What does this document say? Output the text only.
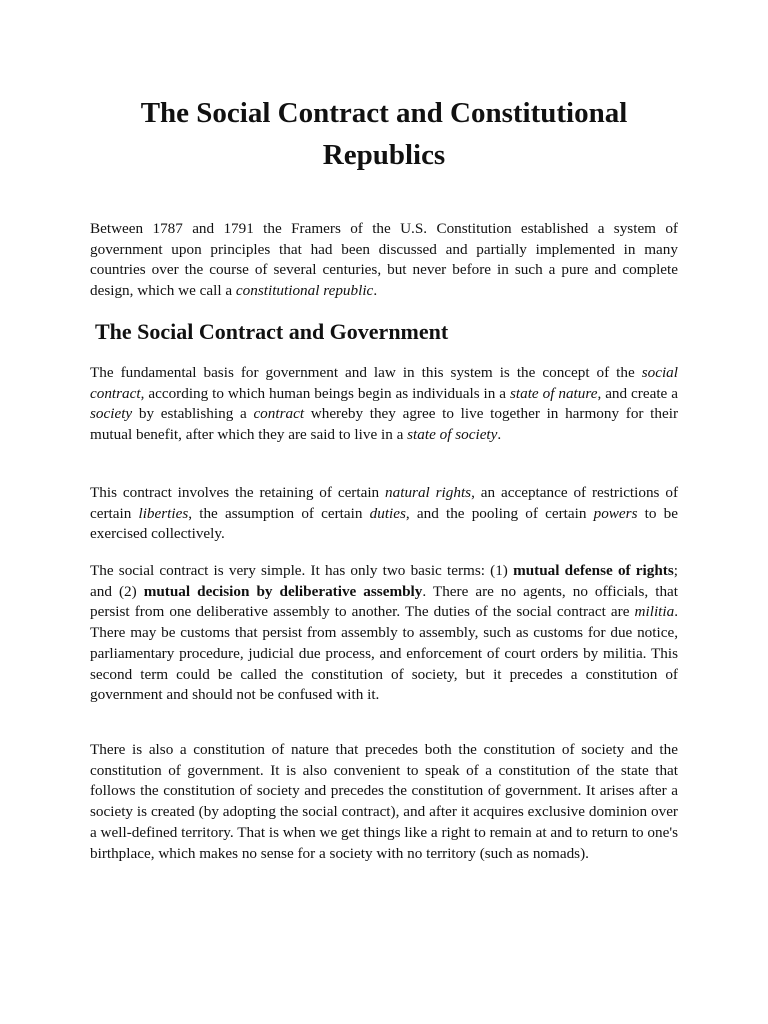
The Social Contract and Constitutional Republics

Between 1787 and 1791 the Framers of the U.S. Constitution established a system of government upon principles that had been discussed and partially implemented in many countries over the course of several centuries, but never before in such a pure and complete design, which we call a constitutional republic.

The Social Contract and Government

The fundamental basis for government and law in this system is the concept of the social contract, according to which human beings begin as individuals in a state of nature, and create a society by establishing a contract whereby they agree to live together in harmony for their mutual benefit, after which they are said to live in a state of society.

This contract involves the retaining of certain natural rights, an acceptance of restrictions of certain liberties, the assumption of certain duties, and the pooling of certain powers to be exercised collectively.

The social contract is very simple. It has only two basic terms: (1) mutual defense of rights; and (2) mutual decision by deliberative assembly. There are no agents, no officials, that persist from one deliberative assembly to another. The duties of the social contract are militia. There may be customs that persist from assembly to assembly, such as customs for due notice, parliamentary procedure, judicial due process, and enforcement of court orders by militia. This second term could be called the constitution of society, but it precedes a constitution of government and should not be confused with it.

There is also a constitution of nature that precedes both the constitution of society and the constitution of government. It is also convenient to speak of a constitution of the state that follows the constitution of society and precedes the constitution of government. It arises after a society is created (by adopting the social contract), and after it acquires exclusive dominion over a well-defined territory. That is when we get things like a right to remain at and to return to one's birthplace, which makes no sense for a society with no territory (such as nomads).
